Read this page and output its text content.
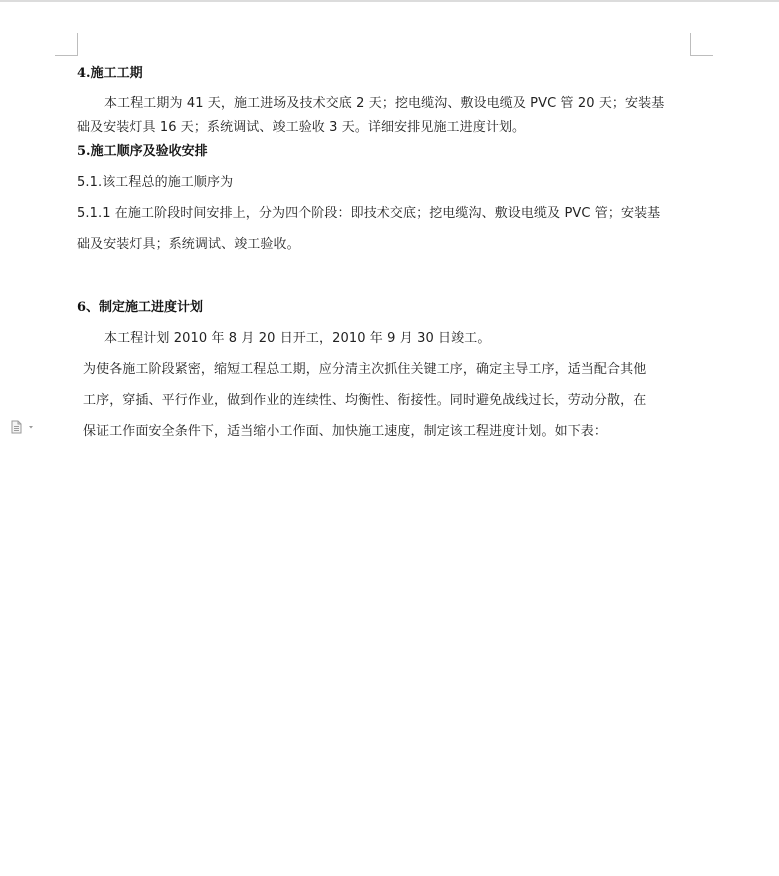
4.施工工期

本工程工期为 41 天，施工进场及技术交底 2 天；挖电缆沟、敷设电缆及 PVC 管 20 天；安装基

础及安装灯具 16 天；系统调试、竣工验收 3 天。详细安排见施工进度计划。

5.施工顺序及验收安排

5.1.该工程总的施工顺序为

5.1.1 在施工阶段时间安排上，分为四个阶段：即技术交底；挖电缆沟、敷设电缆及 PVC 管；安装基

础及安装灯具；系统调试、竣工验收。

6、制定施工进度计划

本工程计划 2010 年 8 月 20 日开工，2010 年 9 月 30 日竣工。

为使各施工阶段紧密，缩短工程总工期，应分清主次抓住关键工序，确定主导工序，适当配合其他

工序，穿插、平行作业，做到作业的连续性、均衡性、衔接性。同时避免战线过长，劳动分散，在

保证工作面安全条件下，适当缩小工作面、加快施工速度，制定该工程进度计划。如下表：
